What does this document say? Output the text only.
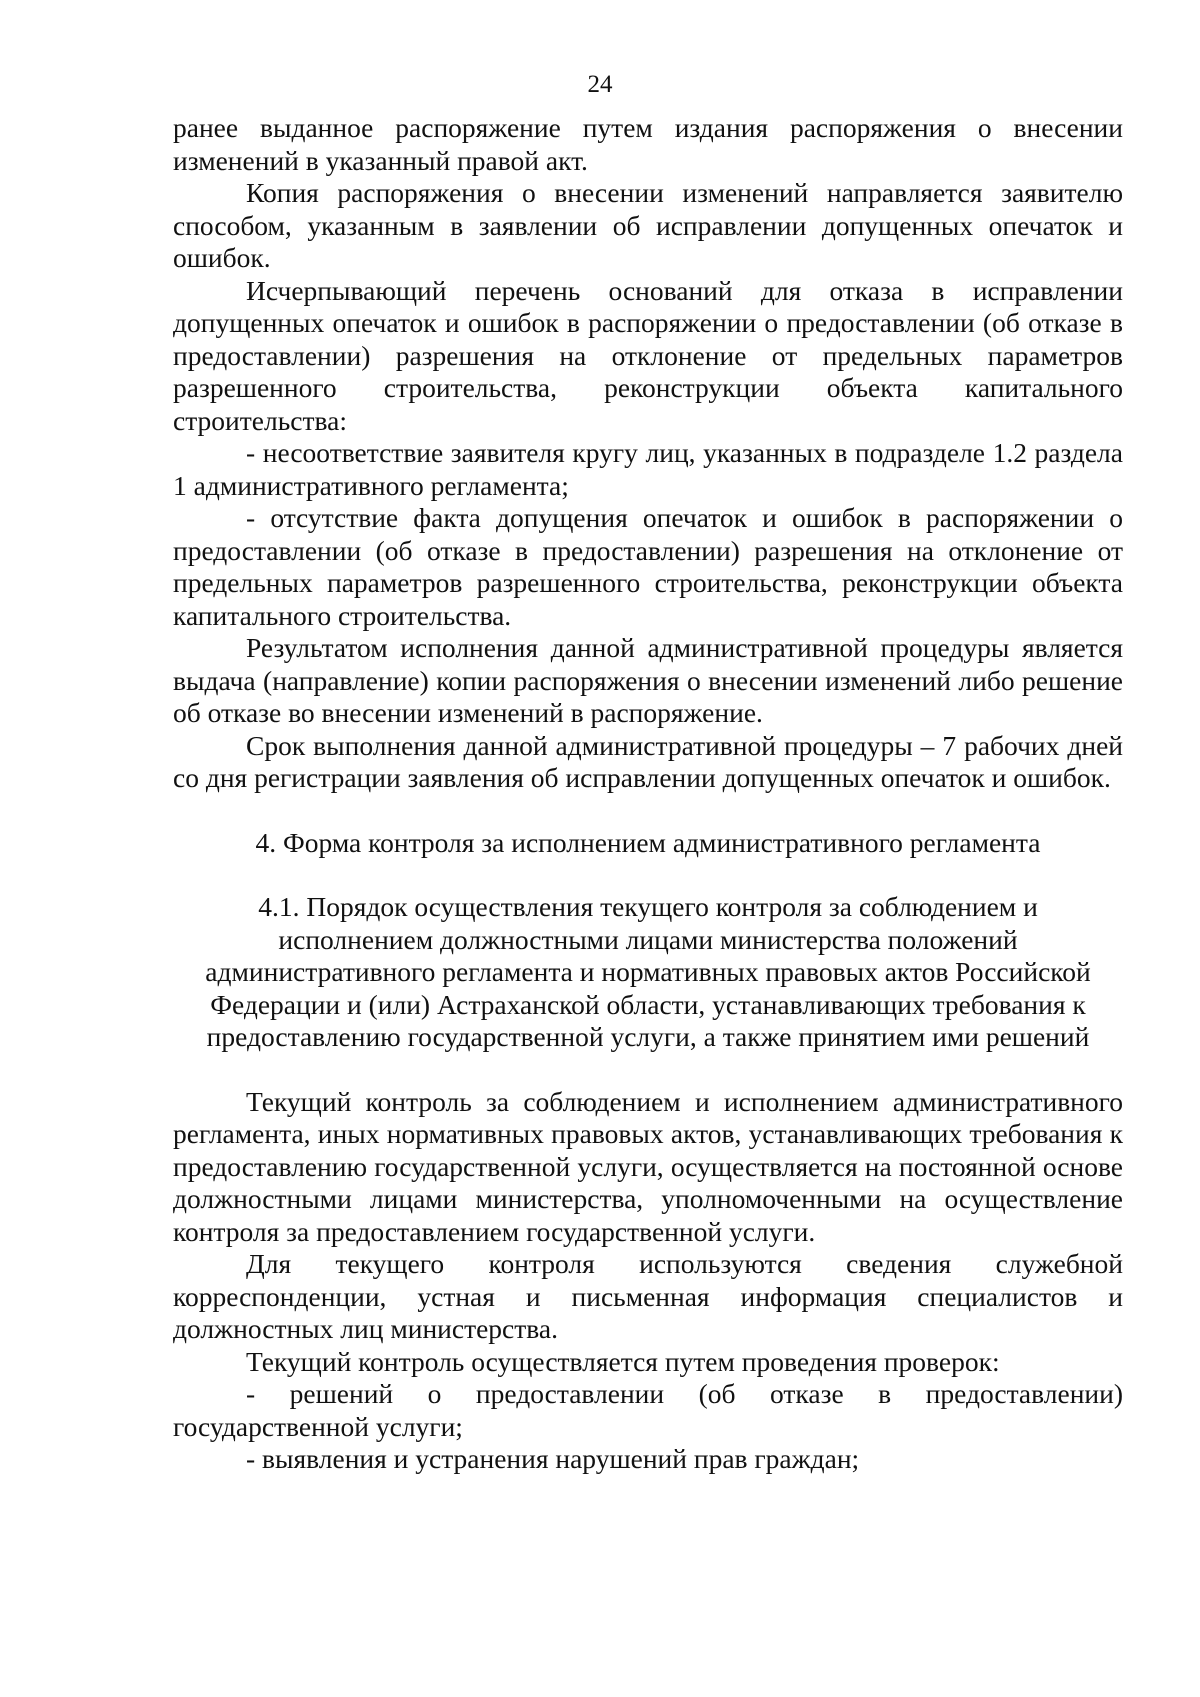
24

ранее выданное распоряжение путем издания распоряжения о внесении изменений в указанный правой акт.

Копия распоряжения о внесении изменений направляется заявителю способом, указанным в заявлении об исправлении допущенных опечаток и ошибок.

Исчерпывающий перечень оснований для отказа в исправлении допущенных опечаток и ошибок в распоряжении о предоставлении (об отказе в предоставлении) разрешения на отклонение от предельных параметров разрешенного строительства, реконструкции объекта капитального строительства:

- несоответствие заявителя кругу лиц, указанных в подразделе 1.2 раздела 1 административного регламента;

- отсутствие факта допущения опечаток и ошибок в распоряжении о предоставлении (об отказе в предоставлении) разрешения на отклонение от предельных параметров разрешенного строительства, реконструкции объекта капитального строительства.

Результатом исполнения данной административной процедуры является выдача (направление) копии распоряжения о внесении изменений либо решение об отказе во внесении изменений в распоряжение.

Срок выполнения данной административной процедуры – 7 рабочих дней со дня регистрации заявления об исправлении допущенных опечаток и ошибок.

4. Форма контроля за исполнением административного регламента

4.1. Порядок осуществления текущего контроля за соблюдением и

исполнением должностными лицами министерства положений

административного регламента и нормативных правовых актов Российской

Федерации и (или) Астраханской области, устанавливающих требования к

предоставлению государственной услуги, а также принятием ими решений

Текущий контроль за соблюдением и исполнением административного регламента, иных нормативных правовых актов, устанавливающих требования к предоставлению государственной услуги, осуществляется на постоянной основе должностными лицами министерства, уполномоченными на осуществление контроля за предоставлением государственной услуги.

Для текущего контроля используются сведения служебной корреспонденции, устная и письменная информация специалистов и должностных лиц министерства.

Текущий контроль осуществляется путем проведения проверок:

- решений о предоставлении (об отказе в предоставлении) государственной услуги;

- выявления и устранения нарушений прав граждан;
